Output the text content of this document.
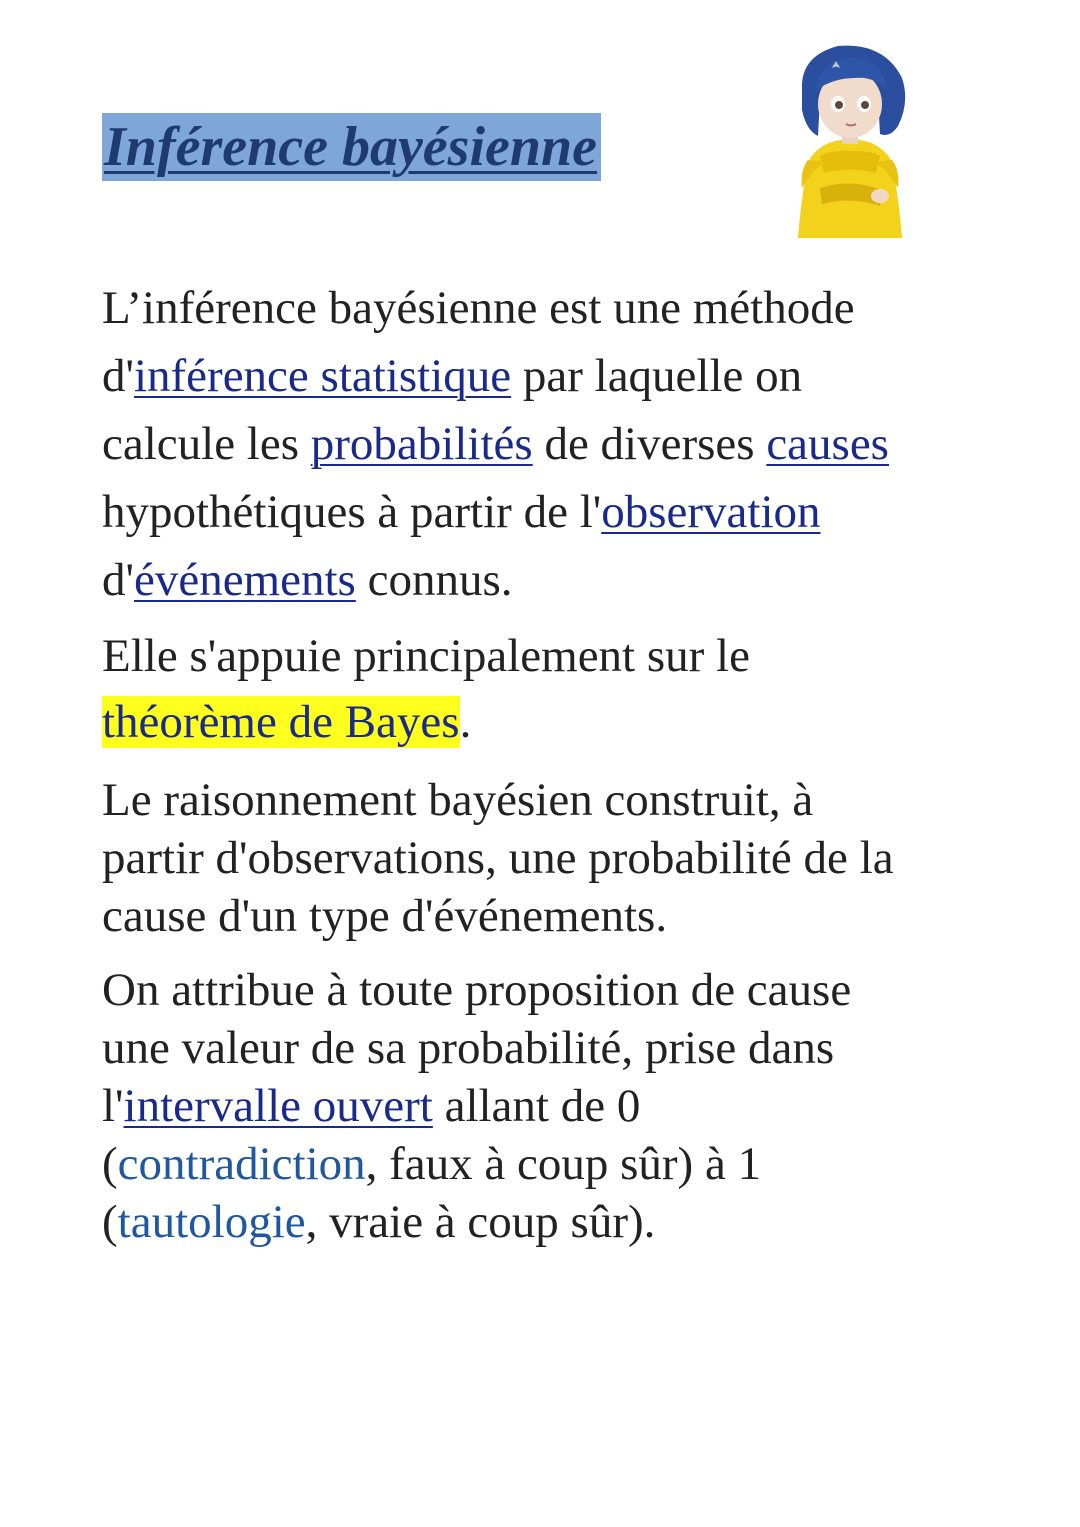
Inférence bayésienne

L’inférence bayésienne est une méthode
d'inférence statistique par laquelle on
calcule les probabilités de diverses causes
hypothétiques à partir de l'observation
d'événements connus.

Elle s'appuie principalement sur le
théorème de Bayes.

Le raisonnement bayésien construit, à
partir d'observations, une probabilité de la
cause d'un type d'événements.

On attribue à toute proposition de cause
une valeur de sa probabilité, prise dans
l'intervalle ouvert allant de 0
(contradiction, faux à coup sûr) à 1
(tautologie, vraie à coup sûr).
